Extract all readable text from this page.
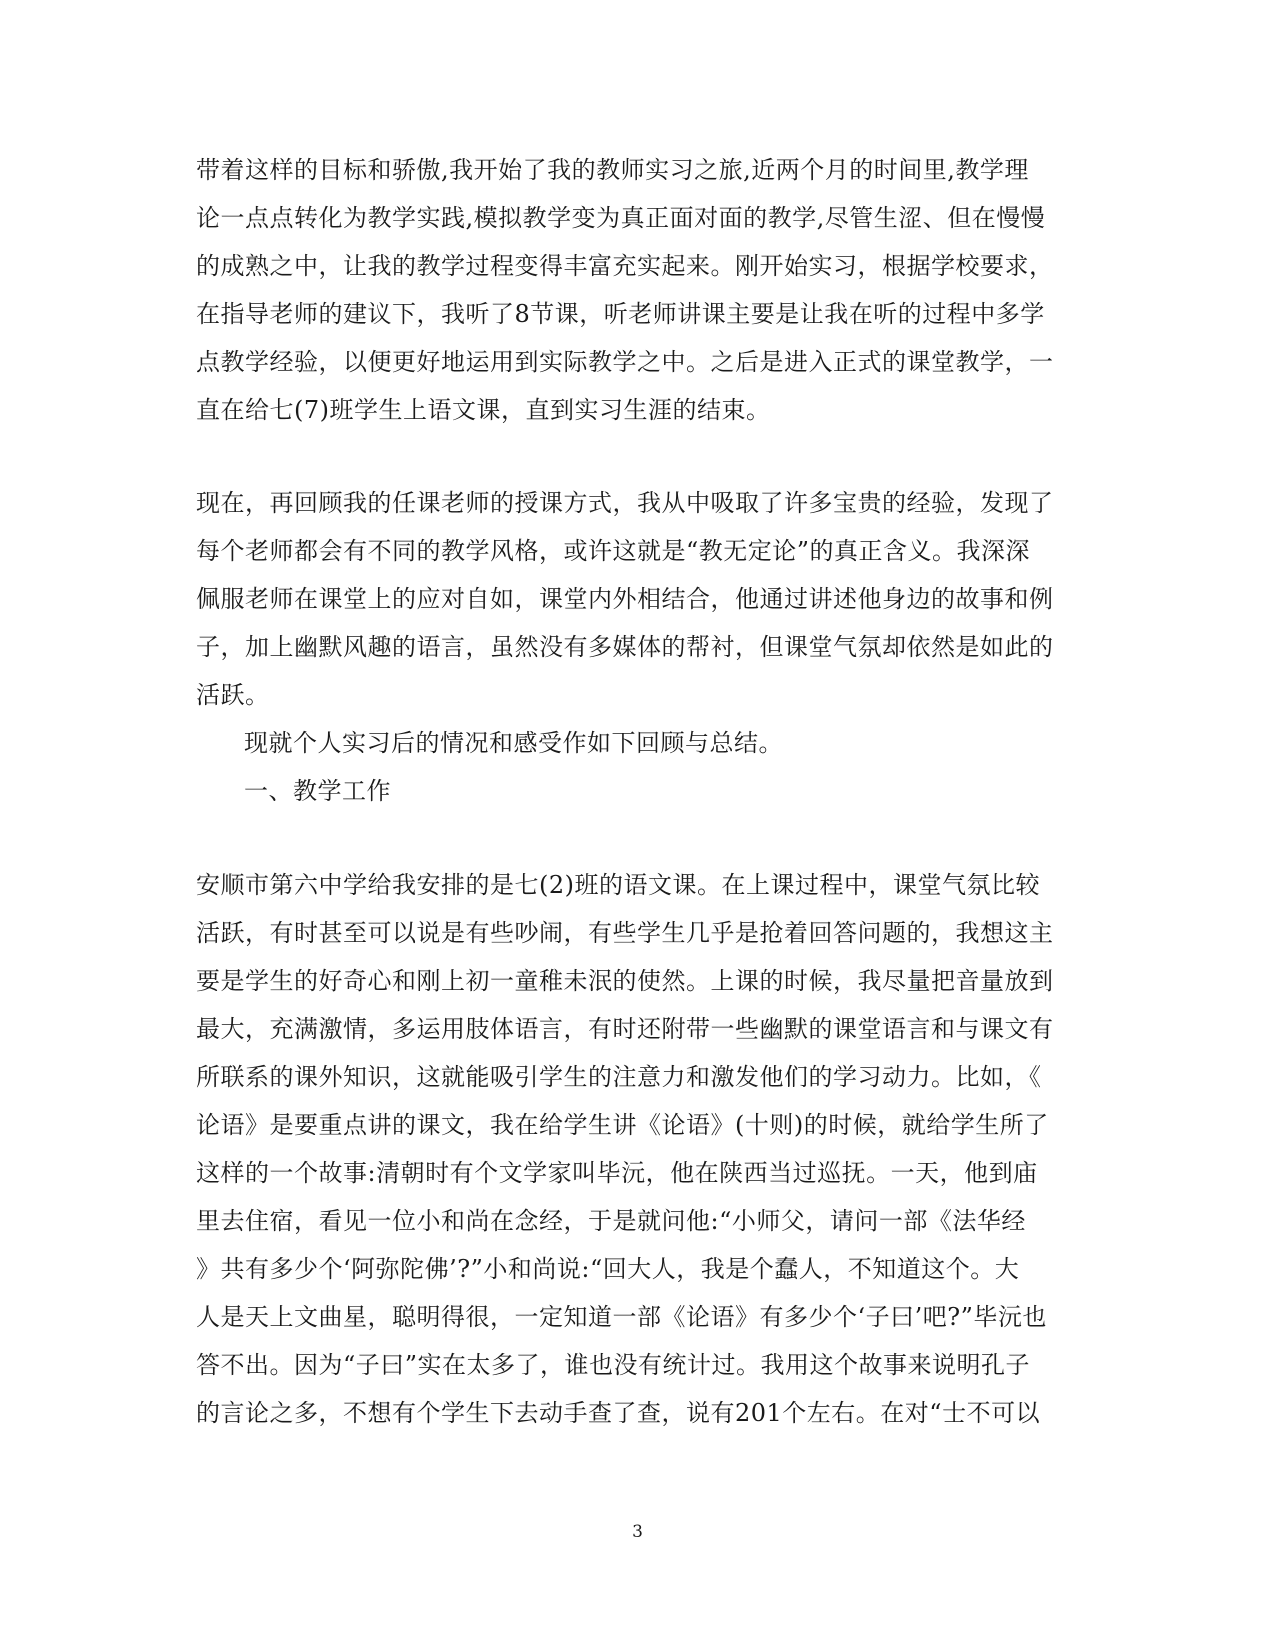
带着这样的目标和骄傲,我开始了我的教师实习之旅,近两个月的时间里,教学理
论一点点转化为教学实践,模拟教学变为真正面对面的教学,尽管生涩、但在慢慢
的成熟之中，让我的教学过程变得丰富充实起来。刚开始实习，根据学校要求，
在指导老师的建议下，我听了8节课，听老师讲课主要是让我在听的过程中多学
点教学经验，以便更好地运用到实际教学之中。之后是进入正式的课堂教学，一
直在给七(7)班学生上语文课，直到实习生涯的结束。
现在，再回顾我的任课老师的授课方式，我从中吸取了许多宝贵的经验，发现了
每个老师都会有不同的教学风格，或许这就是“教无定论”的真正含义。我深深
佩服老师在课堂上的应对自如，课堂内外相结合，他通过讲述他身边的故事和例
子，加上幽默风趣的语言，虽然没有多媒体的帮衬，但课堂气氛却依然是如此的
活跃。
现就个人实习后的情况和感受作如下回顾与总结。
一、教学工作
安顺市第六中学给我安排的是七(2)班的语文课。在上课过程中，课堂气氛比较
活跃，有时甚至可以说是有些吵闹，有些学生几乎是抢着回答问题的，我想这主
要是学生的好奇心和刚上初一童稚未泯的使然。上课的时候，我尽量把音量放到
最大，充满激情，多运用肢体语言，有时还附带一些幽默的课堂语言和与课文有
所联系的课外知识，这就能吸引学生的注意力和激发他们的学习动力。比如，《
论语》是要重点讲的课文，我在给学生讲《论语》(十则)的时候，就给学生所了
这样的一个故事:清朝时有个文学家叫毕沅，他在陕西当过巡抚。一天，他到庙
里去住宿，看见一位小和尚在念经，于是就问他:“小师父，请问一部《法华经
》共有多少个‘阿弥陀佛’?”小和尚说:“回大人，我是个蠢人，不知道这个。大
人是天上文曲星，聪明得很，一定知道一部《论语》有多少个‘子曰’吧?”毕沅也
答不出。因为“子曰”实在太多了，谁也没有统计过。我用这个故事来说明孔子
的言论之多，不想有个学生下去动手查了查，说有201个左右。在对“士不可以
3
